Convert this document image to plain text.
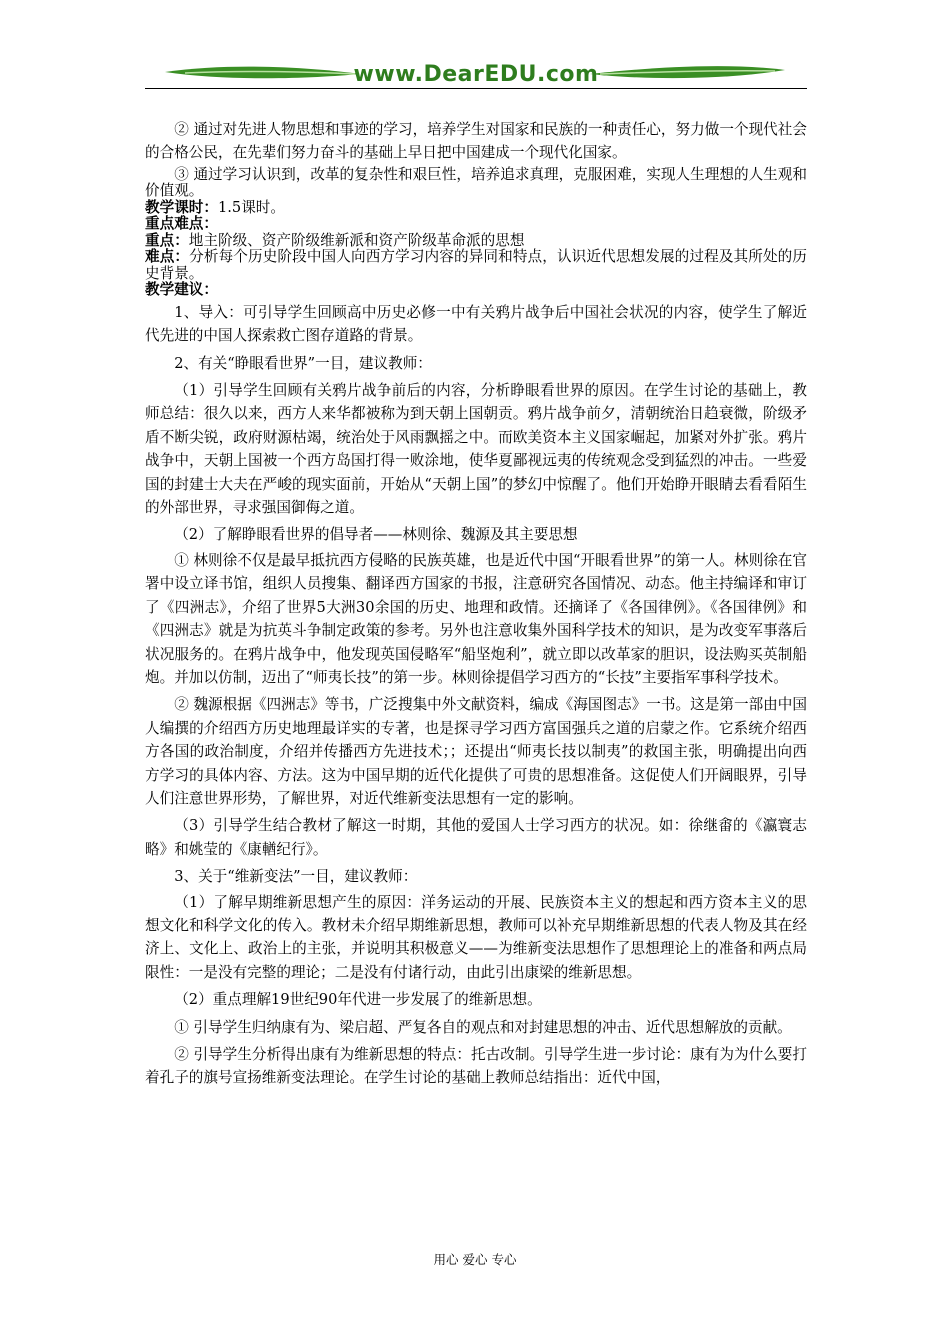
www.DearEDU.com

② 通过对先进人物思想和事迹的学习，培养学生对国家和民族的一种责任心，努力做一个现代社会的合格公民，在先辈们努力奋斗的基础上早日把中国建成一个现代化国家。

③ 通过学习认识到，改革的复杂性和艰巨性，培养追求真理，克服困难，实现人生理想的人生观和价值观。

教学课时：1.5课时。

重点难点：

重点：地主阶级、资产阶级维新派和资产阶级革命派的思想

难点：分析每个历史阶段中国人向西方学习内容的异同和特点，认识近代思想发展的过程及其所处的历史背景。

教学建议：

1、导入：可引导学生回顾高中历史必修一中有关鸦片战争后中国社会状况的内容，使学生了解近代先进的中国人探索救亡图存道路的背景。

2、有关“睁眼看世界”一目，建议教师：

（1）引导学生回顾有关鸦片战争前后的内容，分析睁眼看世界的原因。在学生讨论的基础上，教师总结：很久以来，西方人来华都被称为到天朝上国朝贡。鸦片战争前夕，清朝统治日趋衰微，阶级矛盾不断尖锐，政府财源枯竭，统治处于风雨飘摇之中。而欧美资本主义国家崛起，加紧对外扩张。鸦片战争中，天朝上国被一个西方岛国打得一败涂地，使华夏鄙视远夷的传统观念受到猛烈的冲击。一些爱国的封建士大夫在严峻的现实面前，开始从“天朝上国”的梦幻中惊醒了。他们开始睁开眼睛去看看陌生的外部世界，寻求强国御侮之道。

（2）了解睁眼看世界的倡导者——林则徐、魏源及其主要思想

① 林则徐不仅是最早抵抗西方侵略的民族英雄，也是近代中国“开眼看世界”的第一人。林则徐在官署中设立译书馆，组织人员搜集、翻译西方国家的书报，注意研究各国情况、动态。他主持编译和审订了《四洲志》，介绍了世界5大洲30余国的历史、地理和政情。还摘译了《各国律例》。《各国律例》和《四洲志》就是为抗英斗争制定政策的参考。另外也注意收集外国科学技术的知识，是为改变军事落后状况服务的。在鸦片战争中，他发现英国侵略军“船坚炮利”，就立即以改革家的胆识，设法购买英制船炮。并加以仿制，迈出了“师夷长技”的第一步。林则徐提倡学习西方的“长技”主要指军事科学技术。

② 魏源根据《四洲志》等书，广泛搜集中外文献资料，编成《海国图志》一书。这是第一部由中国人编撰的介绍西方历史地理最详实的专著，也是探寻学习西方富国强兵之道的启蒙之作。它系统介绍西方各国的政治制度，介绍并传播西方先进技术；；还提出“师夷长技以制夷”的救国主张，明确提出向西方学习的具体内容、方法。这为中国早期的近代化提供了可贵的思想准备。这促使人们开阔眼界，引导人们注意世界形势，了解世界，对近代维新变法思想有一定的影响。

（3）引导学生结合教材了解这一时期，其他的爱国人士学习西方的状况。如：徐继畬的《瀛寰志略》和姚莹的《康輶纪行》。

3、关于“维新变法”一目，建议教师：

（1）了解早期维新思想产生的原因：洋务运动的开展、民族资本主义的想起和西方资本主义的思想文化和科学文化的传入。教材未介绍早期维新思想，教师可以补充早期维新思想的代表人物及其在经济上、文化上、政治上的主张，并说明其积极意义——为维新变法思想作了思想理论上的准备和两点局限性：一是没有完整的理论；二是没有付诸行动，由此引出康梁的维新思想。

（2）重点理解19世纪90年代进一步发展了的维新思想。

① 引导学生归纳康有为、梁启超、严复各自的观点和对封建思想的冲击、近代思想解放的贡献。

② 引导学生分析得出康有为维新思想的特点：托古改制。引导学生进一步讨论：康有为为什么要打着孔子的旗号宣扬维新变法理论。在学生讨论的基础上教师总结指出：近代中国，

用心 爱心 专心
